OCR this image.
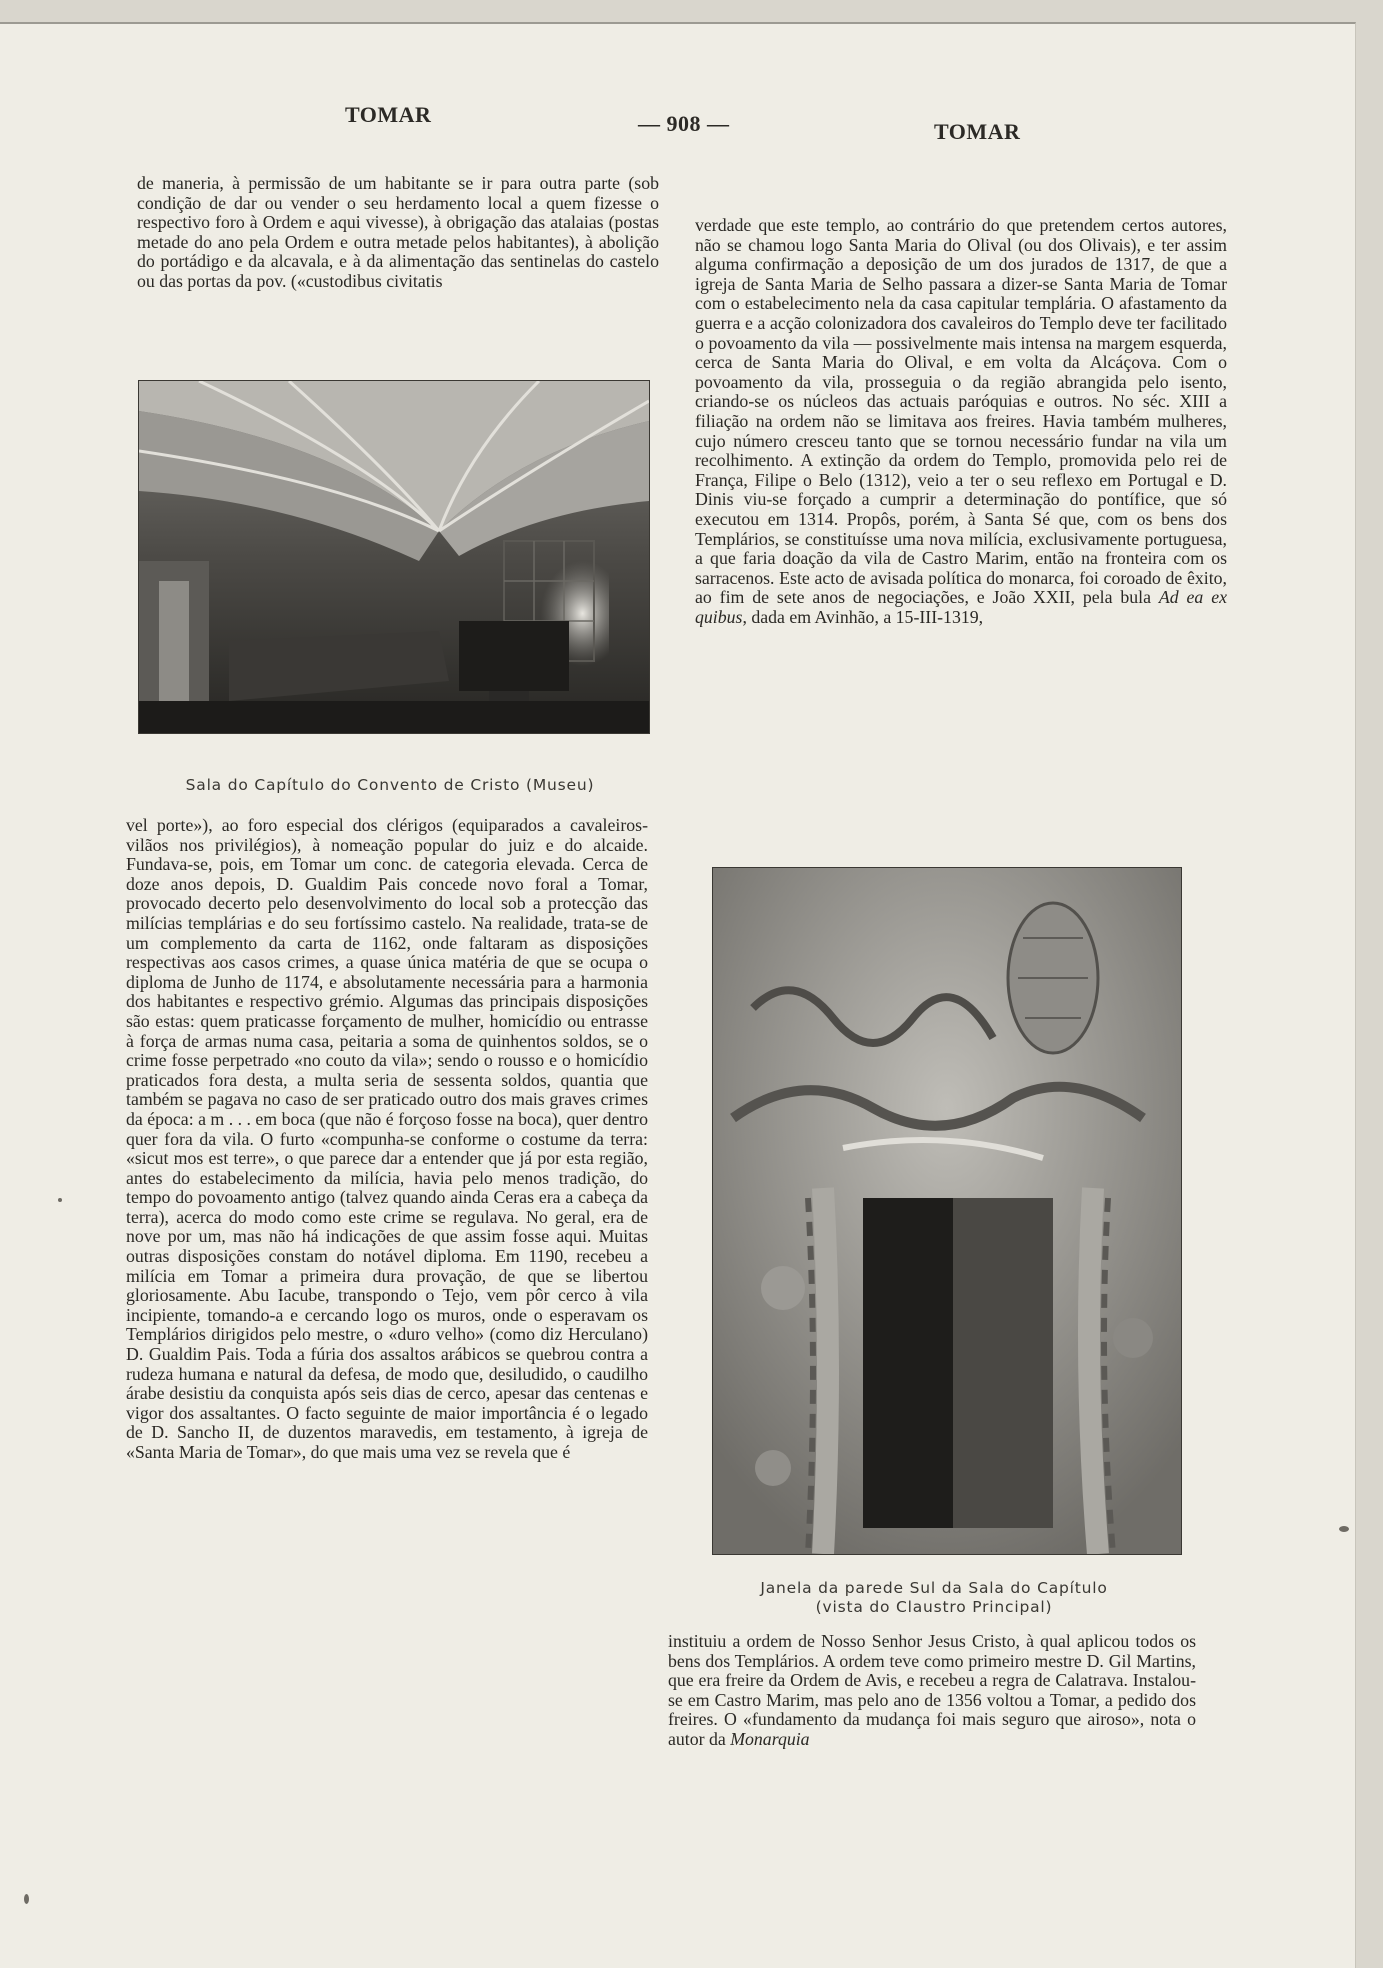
TOMAR	— 908 —	TOMAR

de maneria, à permissão de um habitante se ir para outra parte (sob condição de dar ou vender o seu herdamento local a quem fizesse o respectivo foro à Ordem e aqui vivesse), à obrigação das atalaias (postas metade do ano pela Ordem e outra metade pelos habitantes), à abolição do portádigo e da alcavala, e à da alimentação das sentinelas do castelo ou das portas da pov. («custodibus civitatis

Sala do Capítulo do Convento de Cristo (Museu)

vel porte»), ao foro especial dos clérigos (equiparados a cavaleiros-vilãos nos privilégios), à nomeação popular do juiz e do alcaide. Fundava-se, pois, em Tomar um conc. de categoria elevada. Cerca de doze anos depois, D. Gualdim Pais concede novo foral a Tomar, provocado decerto pelo desenvolvimento do local sob a protecção das milícias templárias e do seu fortíssimo castelo. Na realidade, trata-se de um complemento da carta de 1162, onde faltaram as disposições respectivas aos casos crimes, a quase única matéria de que se ocupa o diploma de Junho de 1174, e absolutamente necessária para a harmonia dos habitantes e respectivo grémio. Algumas das principais disposições são estas: quem praticasse forçamento de mulher, homicídio ou entrasse à força de armas numa casa, peitaria a soma de quinhentos soldos, se o crime fosse perpetrado «no couto da vila»; sendo o rousso e o homicídio praticados fora desta, a multa seria de sessenta soldos, quantia que também se pagava no caso de ser praticado outro dos mais graves crimes da época: a m . . . em boca (que não é forçoso fosse na boca), quer dentro quer fora da vila. O furto «compunha-se conforme o costume da terra: «sicut mos est terre», o que parece dar a entender que já por esta região, antes do estabelecimento da milícia, havia pelo menos tradição, do tempo do povoamento antigo (talvez quando ainda Ceras era a cabeça da terra), acerca do modo como este crime se regulava. No geral, era de nove por um, mas não há indicações de que assim fosse aqui. Muitas outras disposições constam do notável diploma. Em 1190, recebeu a milícia em Tomar a primeira dura provação, de que se libertou gloriosamente. Abu Iacube, transpondo o Tejo, vem pôr cerco à vila incipiente, tomando-a e cercando logo os muros, onde o esperavam os Templários dirigidos pelo mestre, o «duro velho» (como diz Herculano) D. Gualdim Pais. Toda a fúria dos assaltos arábicos se quebrou contra a rudeza humana e natural da defesa, de modo que, desiludido, o caudilho árabe desistiu da conquista após seis dias de cerco, apesar das centenas e vigor dos assaltantes. O facto seguinte de maior importância é o legado de D. Sancho II, de duzentos maravedis, em testamento, à igreja de «Santa Maria de Tomar», do que mais uma vez se revela que é

verdade que este templo, ao contrário do que pretendem certos autores, não se chamou logo Santa Maria do Olival (ou dos Olivais), e ter assim alguma confirmação a deposição de um dos jurados de 1317, de que a igreja de Santa Maria de Selho passara a dizer-se Santa Maria de Tomar com o estabelecimento nela da casa capitular templária. O afastamento da guerra e a acção colonizadora dos cavaleiros do Templo deve ter facilitado o povoamento da vila — possivelmente mais intensa na margem esquerda, cerca de Santa Maria do Olival, e em volta da Alcáçova. Com o povoamento da vila, prosseguia o da região abrangida pelo isento, criando-se os núcleos das actuais paróquias e outros. No séc. XIII a filiação na ordem não se limitava aos freires. Havia também mulheres, cujo número cresceu tanto que se tornou necessário fundar na vila um recolhimento. A extinção da ordem do Templo, promovida pelo rei de França, Filipe o Belo (1312), veio a ter o seu reflexo em Portugal e D. Dinis viu-se forçado a cumprir a determinação do pontífice, que só executou em 1314. Propôs, porém, à Santa Sé que, com os bens dos Templários, se constituísse uma nova milícia, exclusivamente portuguesa, a que faria doação da vila de Castro Marim, então na fronteira com os sarracenos. Este acto de avisada política do monarca, foi coroado de êxito, ao fim de sete anos de negociações, e João XXII, pela bula Ad ea ex quibus, dada em Avinhão, a 15-III-1319,

Janela da parede Sul da Sala do Capítulo
(vista do Claustro Principal)

instituiu a ordem de Nosso Senhor Jesus Cristo, à qual aplicou todos os bens dos Templários. A ordem teve como primeiro mestre D. Gil Martins, que era freire da Ordem de Avis, e recebeu a regra de Calatrava. Instalou-se em Castro Marim, mas pelo ano de 1356 voltou a Tomar, a pedido dos freires. O «fundamento da mudança foi mais seguro que airoso», nota o autor da Monarquia
